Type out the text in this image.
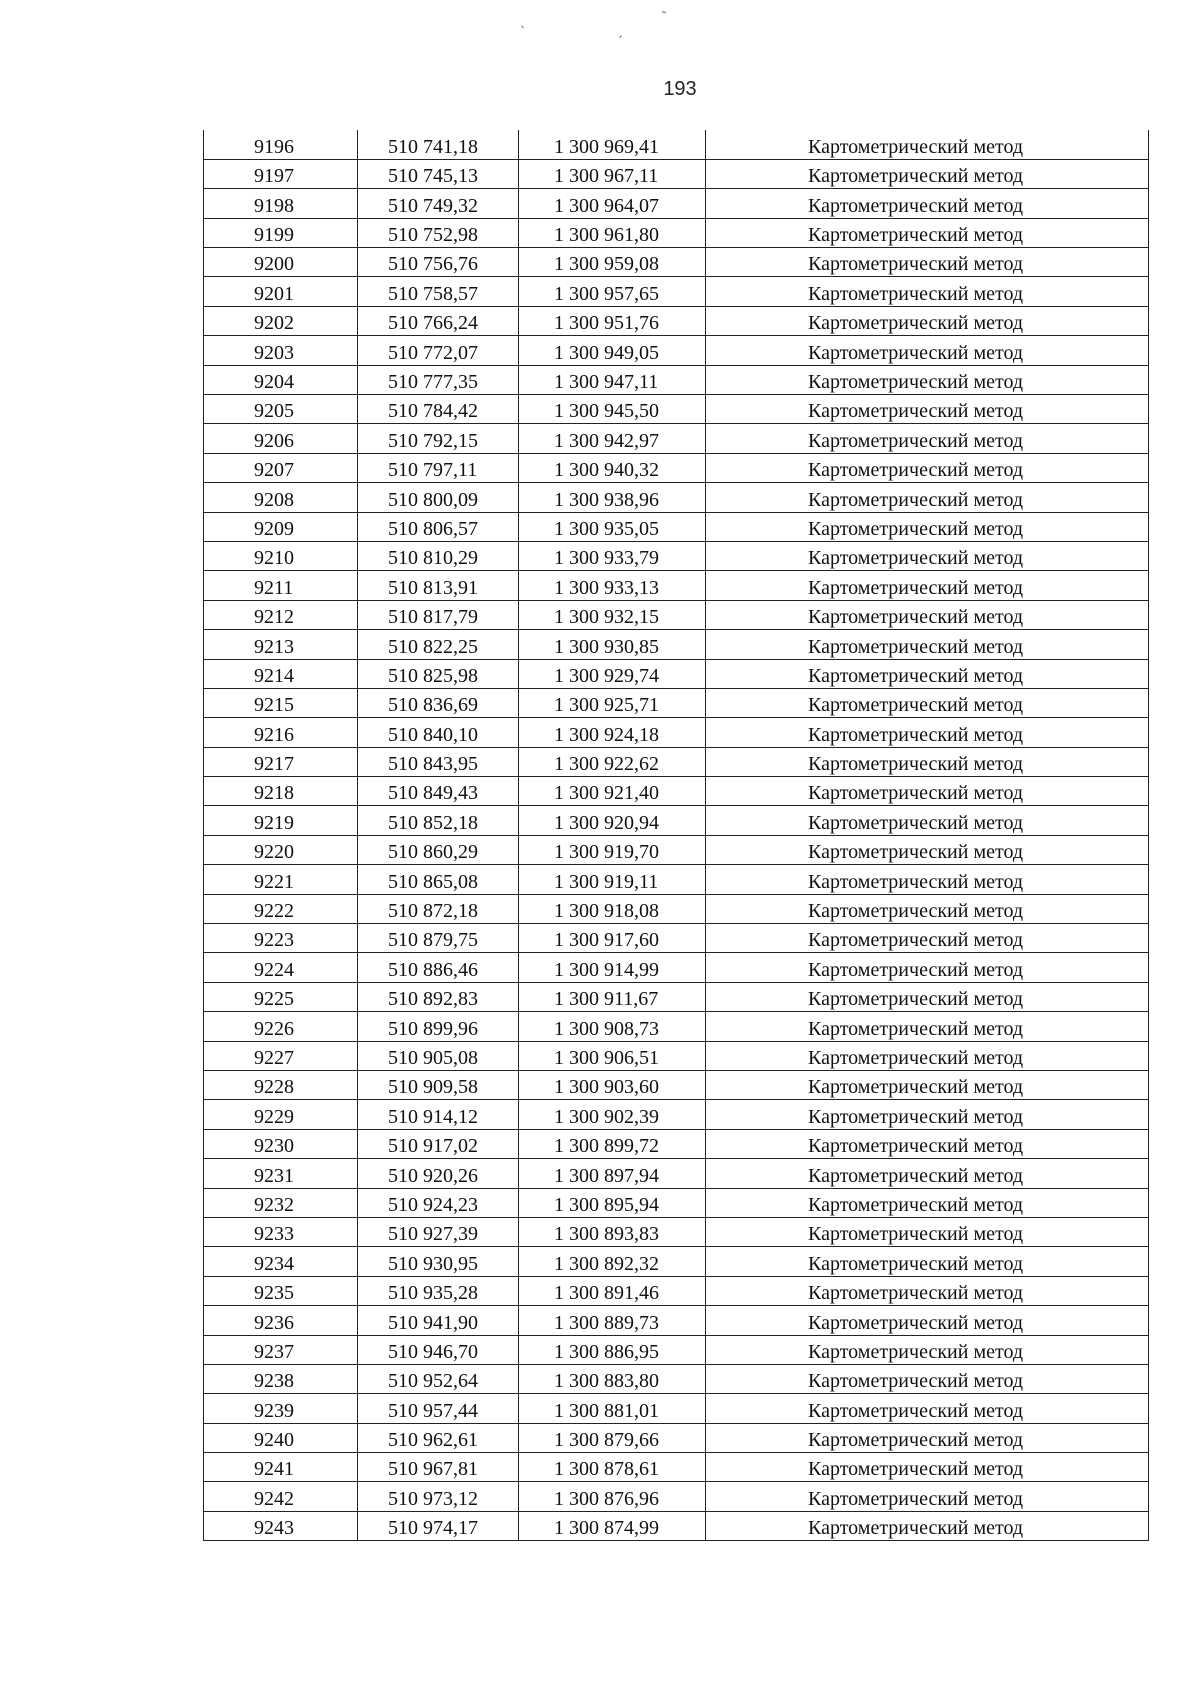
ˎ
ˏ
˜
193
9196	510 741,18	1 300 969,41	Картометрический метод
9197	510 745,13	1 300 967,11	Картометрический метод
9198	510 749,32	1 300 964,07	Картометрический метод
9199	510 752,98	1 300 961,80	Картометрический метод
9200	510 756,76	1 300 959,08	Картометрический метод
9201	510 758,57	1 300 957,65	Картометрический метод
9202	510 766,24	1 300 951,76	Картометрический метод
9203	510 772,07	1 300 949,05	Картометрический метод
9204	510 777,35	1 300 947,11	Картометрический метод
9205	510 784,42	1 300 945,50	Картометрический метод
9206	510 792,15	1 300 942,97	Картометрический метод
9207	510 797,11	1 300 940,32	Картометрический метод
9208	510 800,09	1 300 938,96	Картометрический метод
9209	510 806,57	1 300 935,05	Картометрический метод
9210	510 810,29	1 300 933,79	Картометрический метод
9211	510 813,91	1 300 933,13	Картометрический метод
9212	510 817,79	1 300 932,15	Картометрический метод
9213	510 822,25	1 300 930,85	Картометрический метод
9214	510 825,98	1 300 929,74	Картометрический метод
9215	510 836,69	1 300 925,71	Картометрический метод
9216	510 840,10	1 300 924,18	Картометрический метод
9217	510 843,95	1 300 922,62	Картометрический метод
9218	510 849,43	1 300 921,40	Картометрический метод
9219	510 852,18	1 300 920,94	Картометрический метод
9220	510 860,29	1 300 919,70	Картометрический метод
9221	510 865,08	1 300 919,11	Картометрический метод
9222	510 872,18	1 300 918,08	Картометрический метод
9223	510 879,75	1 300 917,60	Картометрический метод
9224	510 886,46	1 300 914,99	Картометрический метод
9225	510 892,83	1 300 911,67	Картометрический метод
9226	510 899,96	1 300 908,73	Картометрический метод
9227	510 905,08	1 300 906,51	Картометрический метод
9228	510 909,58	1 300 903,60	Картометрический метод
9229	510 914,12	1 300 902,39	Картометрический метод
9230	510 917,02	1 300 899,72	Картометрический метод
9231	510 920,26	1 300 897,94	Картометрический метод
9232	510 924,23	1 300 895,94	Картометрический метод
9233	510 927,39	1 300 893,83	Картометрический метод
9234	510 930,95	1 300 892,32	Картометрический метод
9235	510 935,28	1 300 891,46	Картометрический метод
9236	510 941,90	1 300 889,73	Картометрический метод
9237	510 946,70	1 300 886,95	Картометрический метод
9238	510 952,64	1 300 883,80	Картометрический метод
9239	510 957,44	1 300 881,01	Картометрический метод
9240	510 962,61	1 300 879,66	Картометрический метод
9241	510 967,81	1 300 878,61	Картометрический метод
9242	510 973,12	1 300 876,96	Картометрический метод
9243	510 974,17	1 300 874,99	Картометрический метод
